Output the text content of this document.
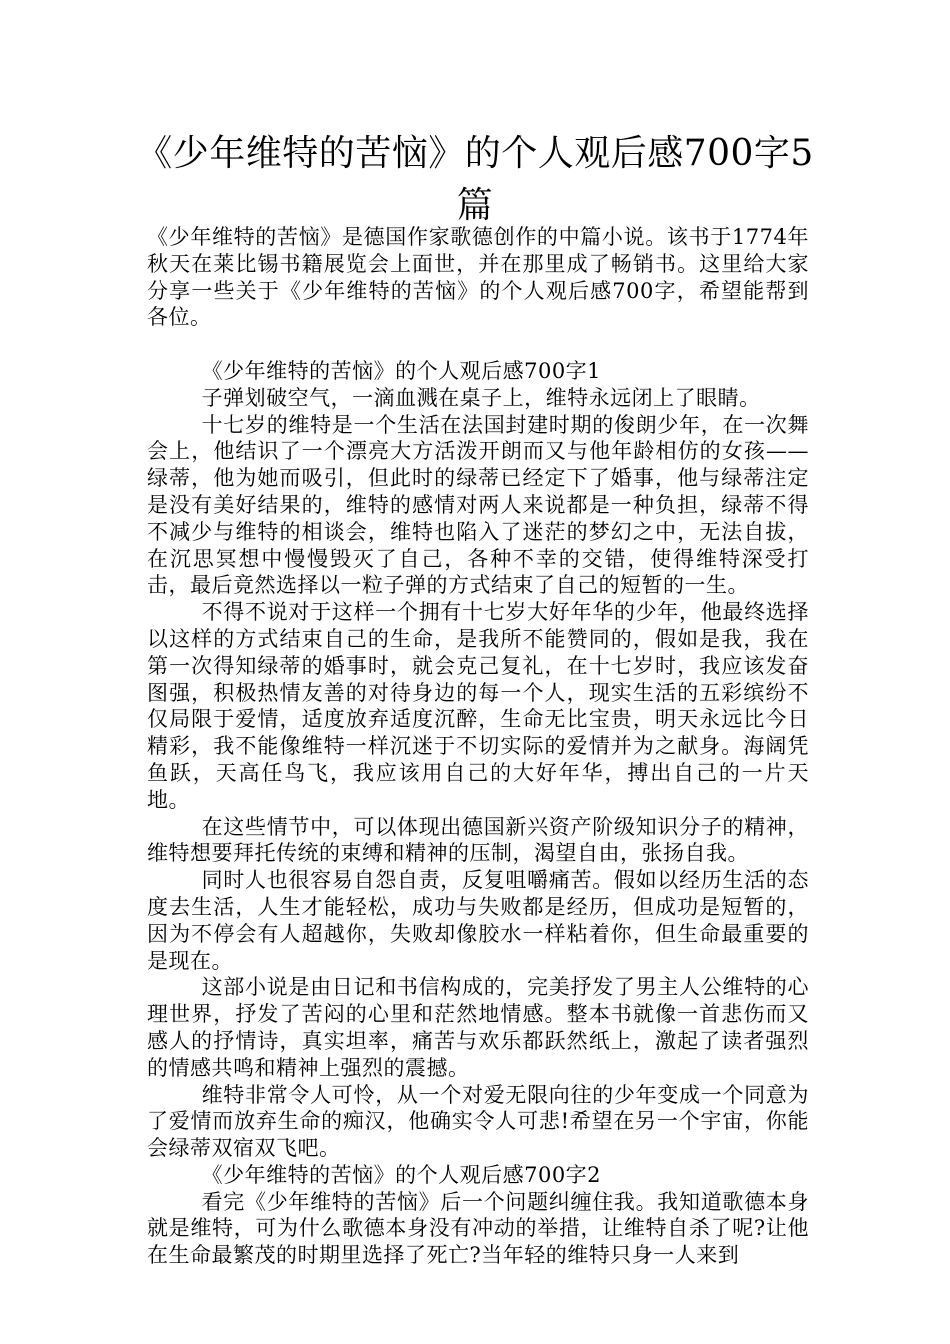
《少年维特的苦恼》的个人观后感700字5篇

《少年维特的苦恼》是德国作家歌德创作的中篇小说。该书于1774年秋天在莱比锡书籍展览会上面世，并在那里成了畅销书。这里给大家分享一些关于《少年维特的苦恼》的个人观后感700字，希望能帮到各位。

《少年维特的苦恼》的个人观后感700字1

子弹划破空气，一滴血溅在桌子上，维特永远闭上了眼睛。

十七岁的维特是一个生活在法国封建时期的俊朗少年，在一次舞会上，他结识了一个漂亮大方活泼开朗而又与他年龄相仿的女孩——绿蒂，他为她而吸引，但此时的绿蒂已经定下了婚事，他与绿蒂注定是没有美好结果的，维特的感情对两人来说都是一种负担，绿蒂不得不减少与维特的相谈会，维特也陷入了迷茫的梦幻之中，无法自拔，在沉思冥想中慢慢毁灭了自己，各种不幸的交错，使得维特深受打击，最后竟然选择以一粒子弹的方式结束了自己的短暂的一生。

不得不说对于这样一个拥有十七岁大好年华的少年，他最终选择以这样的方式结束自己的生命，是我所不能赞同的，假如是我，我在第一次得知绿蒂的婚事时，就会克己复礼，在十七岁时，我应该发奋图强，积极热情友善的对待身边的每一个人，现实生活的五彩缤纷不仅局限于爱情，适度放弃适度沉醉，生命无比宝贵，明天永远比今日精彩，我不能像维特一样沉迷于不切实际的爱情并为之献身。海阔凭鱼跃，天高任鸟飞，我应该用自己的大好年华，搏出自己的一片天地。

在这些情节中，可以体现出德国新兴资产阶级知识分子的精神，维特想要拜托传统的束缚和精神的压制，渴望自由，张扬自我。

同时人也很容易自怨自责，反复咀嚼痛苦。假如以经历生活的态度去生活，人生才能轻松，成功与失败都是经历，但成功是短暂的，因为不停会有人超越你，失败却像胶水一样粘着你，但生命最重要的是现在。

这部小说是由日记和书信构成的，完美抒发了男主人公维特的心理世界，抒发了苦闷的心里和茫然地情感。整本书就像一首悲伤而又感人的抒情诗，真实坦率，痛苦与欢乐都跃然纸上，激起了读者强烈的情感共鸣和精神上强烈的震撼。

维特非常令人可怜，从一个对爱无限向往的少年变成一个同意为了爱情而放弃生命的痴汉，他确实令人可悲!希望在另一个宇宙，你能会绿蒂双宿双飞吧。

《少年维特的苦恼》的个人观后感700字2

看完《少年维特的苦恼》后一个问题纠缠住我。我知道歌德本身就是维特，可为什么歌德本身没有冲动的举措，让维特自杀了呢?让他在生命最繁茂的时期里选择了死亡?当年轻的维特只身一人来到
